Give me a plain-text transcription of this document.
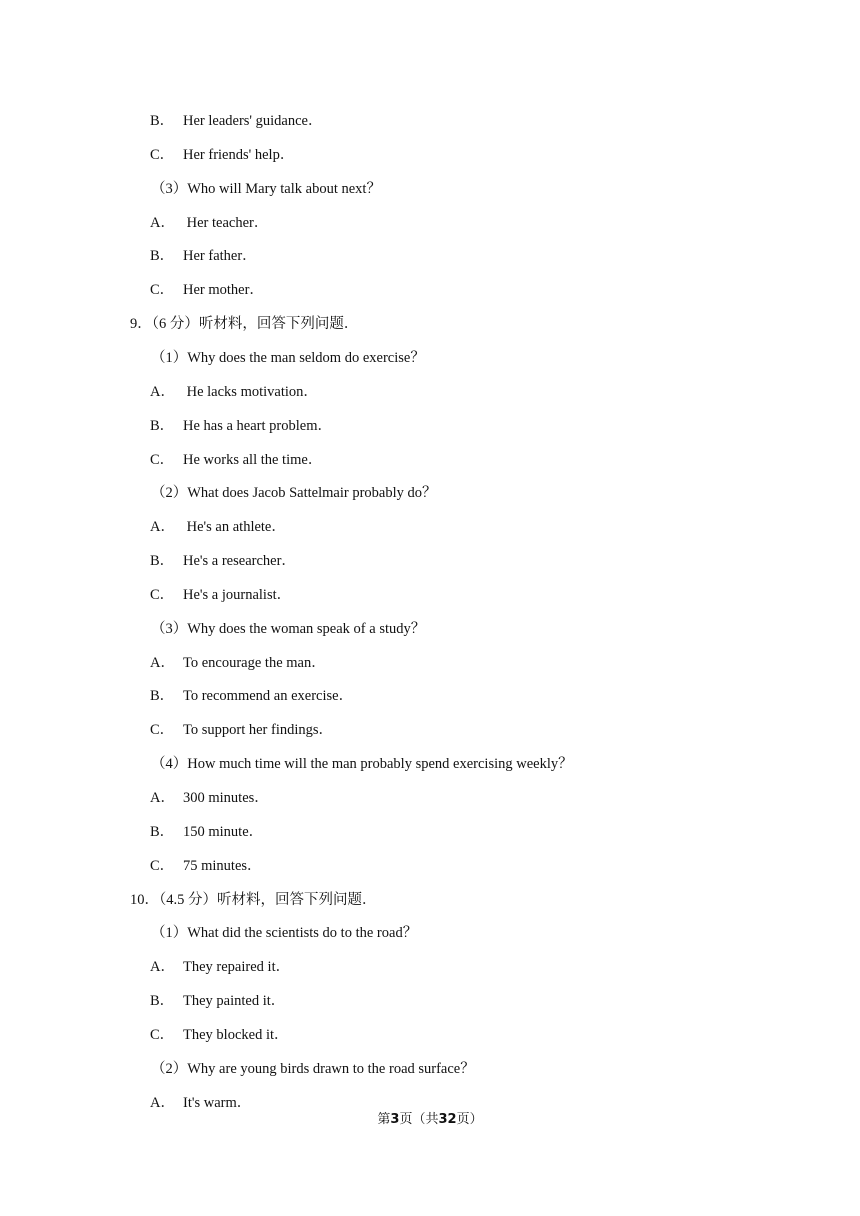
B． Her leaders' guidance．
C． Her friends' help．
（3）Who will Mary talk about next？
A． Her teacher．
B． Her father．
C． Her mother．
9．（6 分）听材料，回答下列问题．
（1）Why does the man seldom do exercise？
A． He lacks motivation．
B． He has a heart problem．
C． He works all the time．
（2）What does Jacob Sattelmair probably do？
A． He's an athlete．
B． He's a researcher．
C． He's a journalist．
（3）Why does the woman speak of a study？
A． To encourage the man．
B． To recommend an exercise．
C． To support her findings．
（4）How much time will the man probably spend exercising weekly？
A． 300 minutes．
B． 150 minute．
C． 75 minutes．
10．（4.5 分）听材料，回答下列问题．
（1）What did the scientists do to the road？
A． They repaired it．
B． They painted it．
C． They blocked it．
（2）Why are young birds drawn to the road surface？
A． It's warm．
第3页（共32页）
